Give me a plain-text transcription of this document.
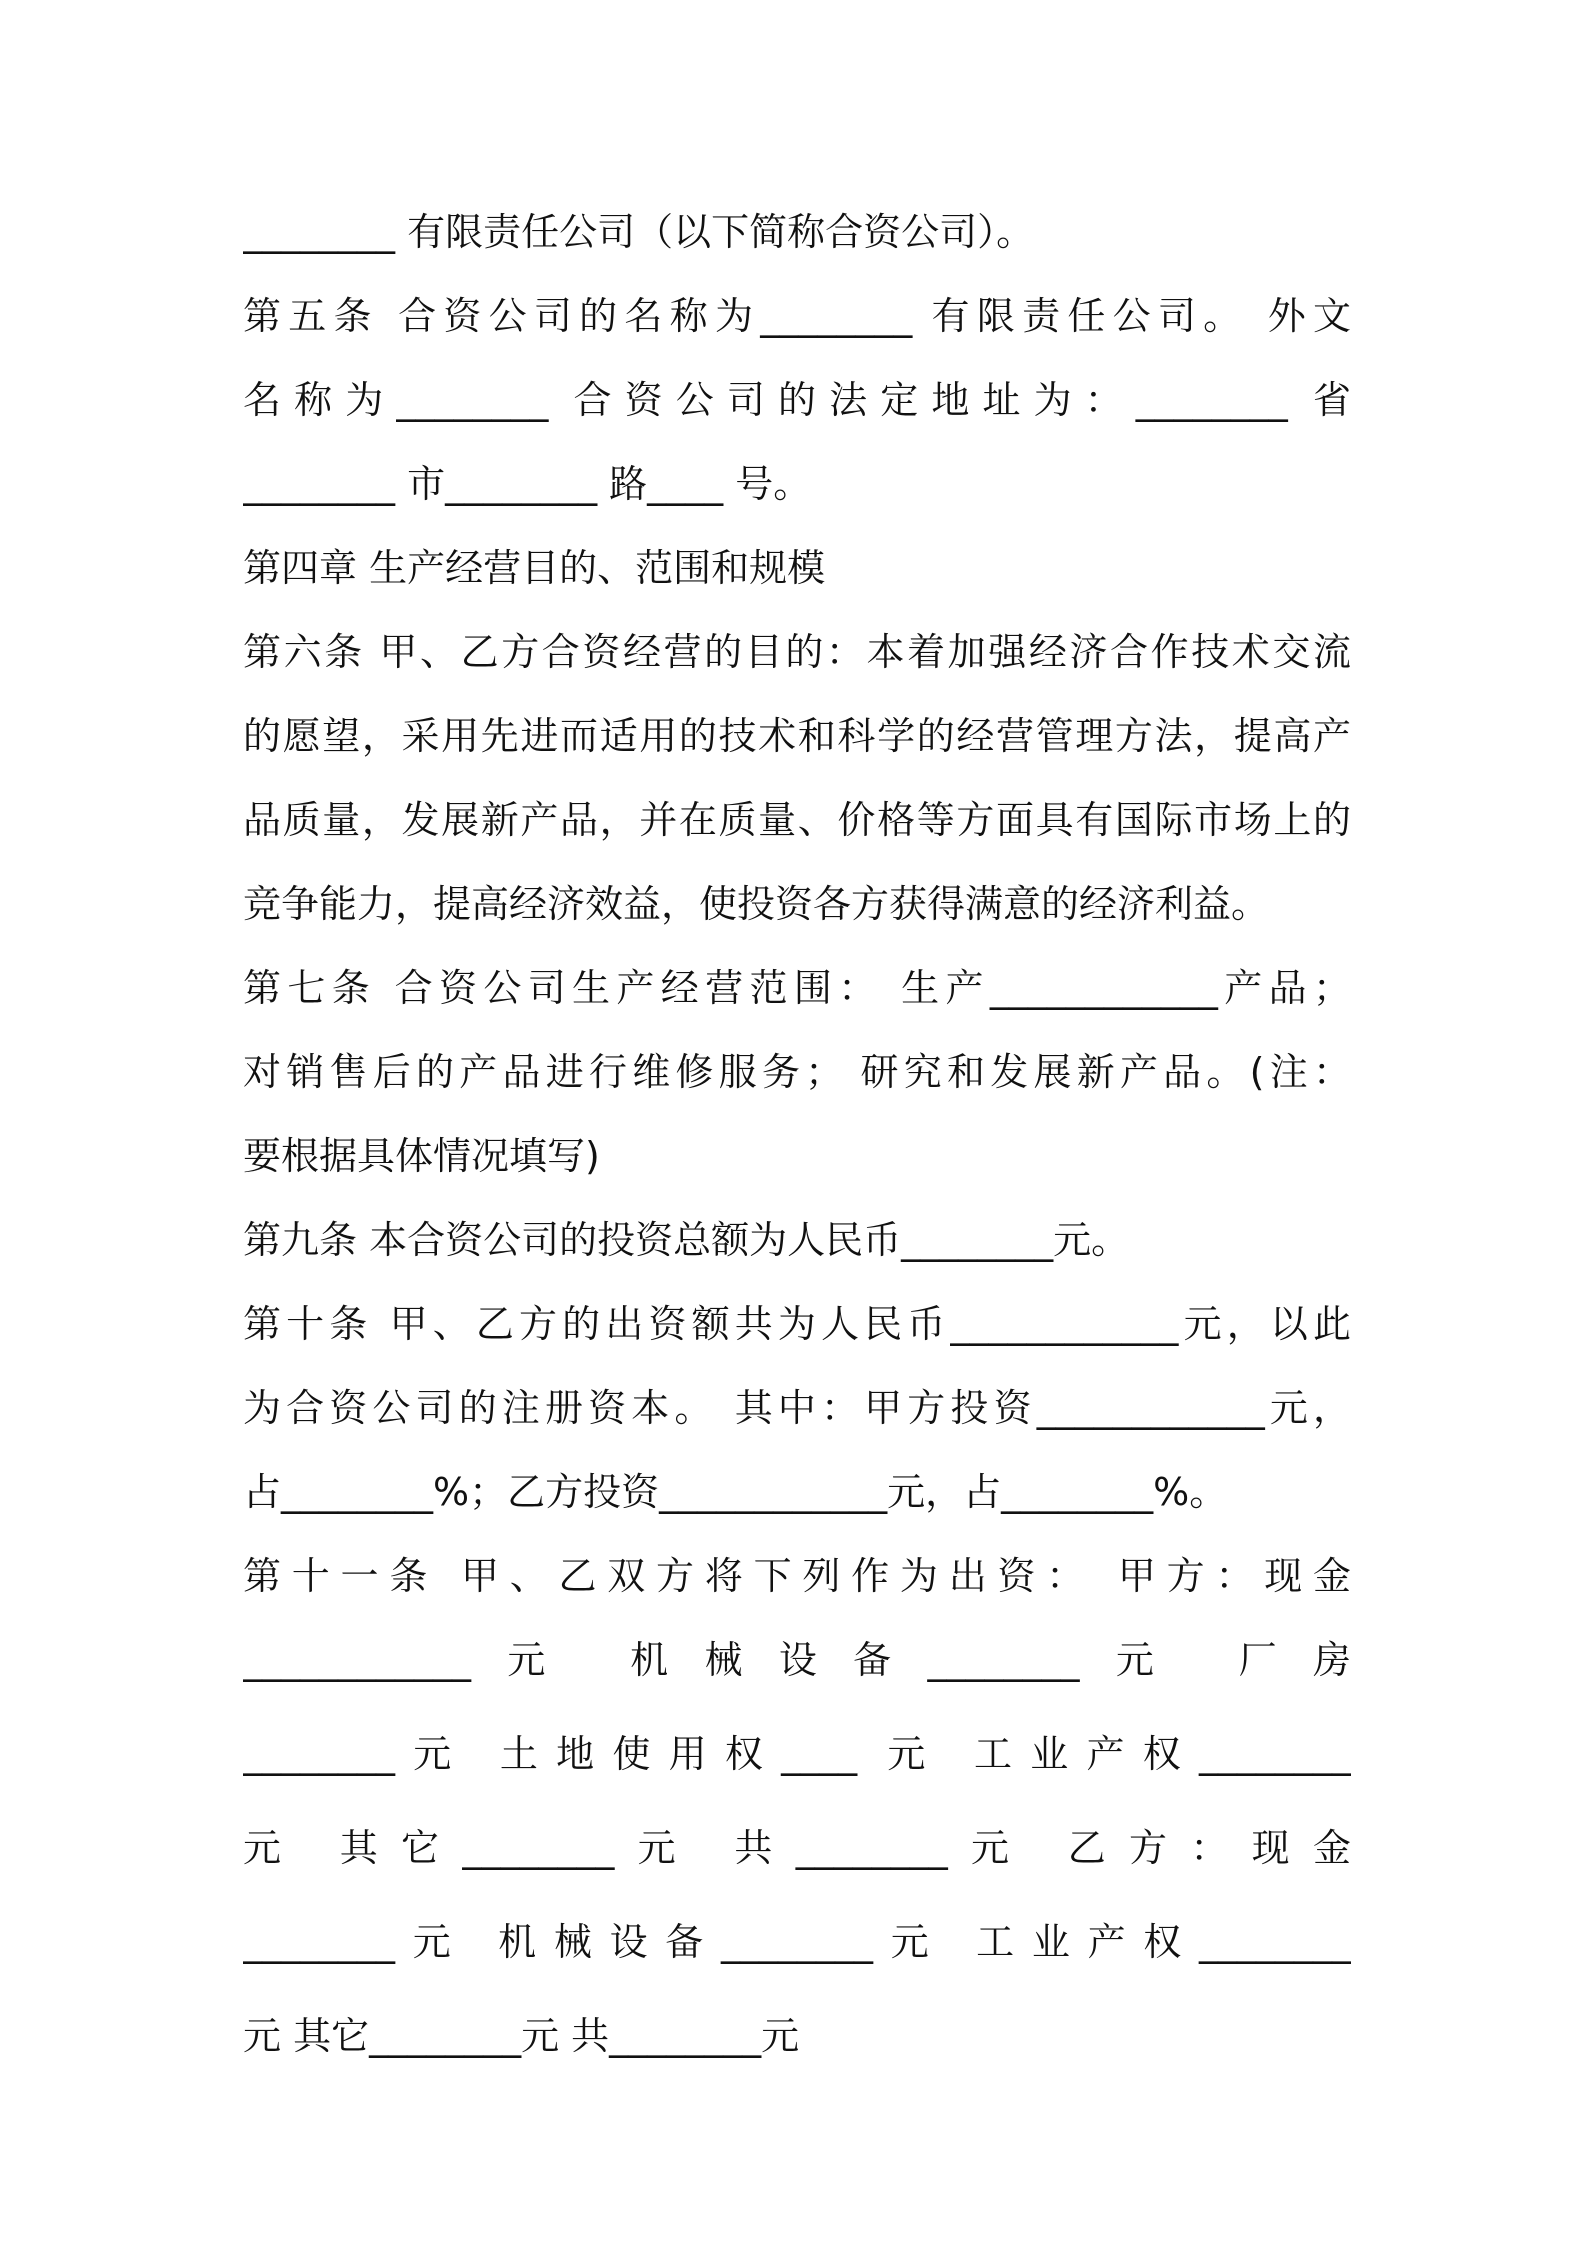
________ 有限责任公司（以下简称合资公司）。
第五条 合资公司的名称为________ 有限责任公司。 外文
名称为________ 合资公司的法定地址为：________ 省
________ 市________ 路____ 号。
第四章 生产经营目的、范围和规模
第六条 甲、乙方合资经营的目的：本着加强经济合作技术交流
的愿望，采用先进而适用的技术和科学的经营管理方法，提高产
品质量，发展新产品，并在质量、价格等方面具有国际市场上的
竞争能力，提高经济效益，使投资各方获得满意的经济利益。
第七条 合资公司生产经营范围： 生产____________产品；
对销售后的产品进行维修服务； 研究和发展新产品。(注：
要根据具体情况填写)
第九条 本合资公司的投资总额为人民币________元。
第十条 甲、乙方的出资额共为人民币____________元，以此
为合资公司的注册资本。 其中：甲方投资____________元，
占________%；乙方投资____________元，占________%。
第十一条 甲、乙双方将下列作为出资： 甲方：现金
____________元 机械设备________元 厂房
________元 土地使用权____ 元 工业产权________
元 其它________元 共________元 乙方：现金
________元 机械设备________元 工业产权________
元 其它________元 共________元
